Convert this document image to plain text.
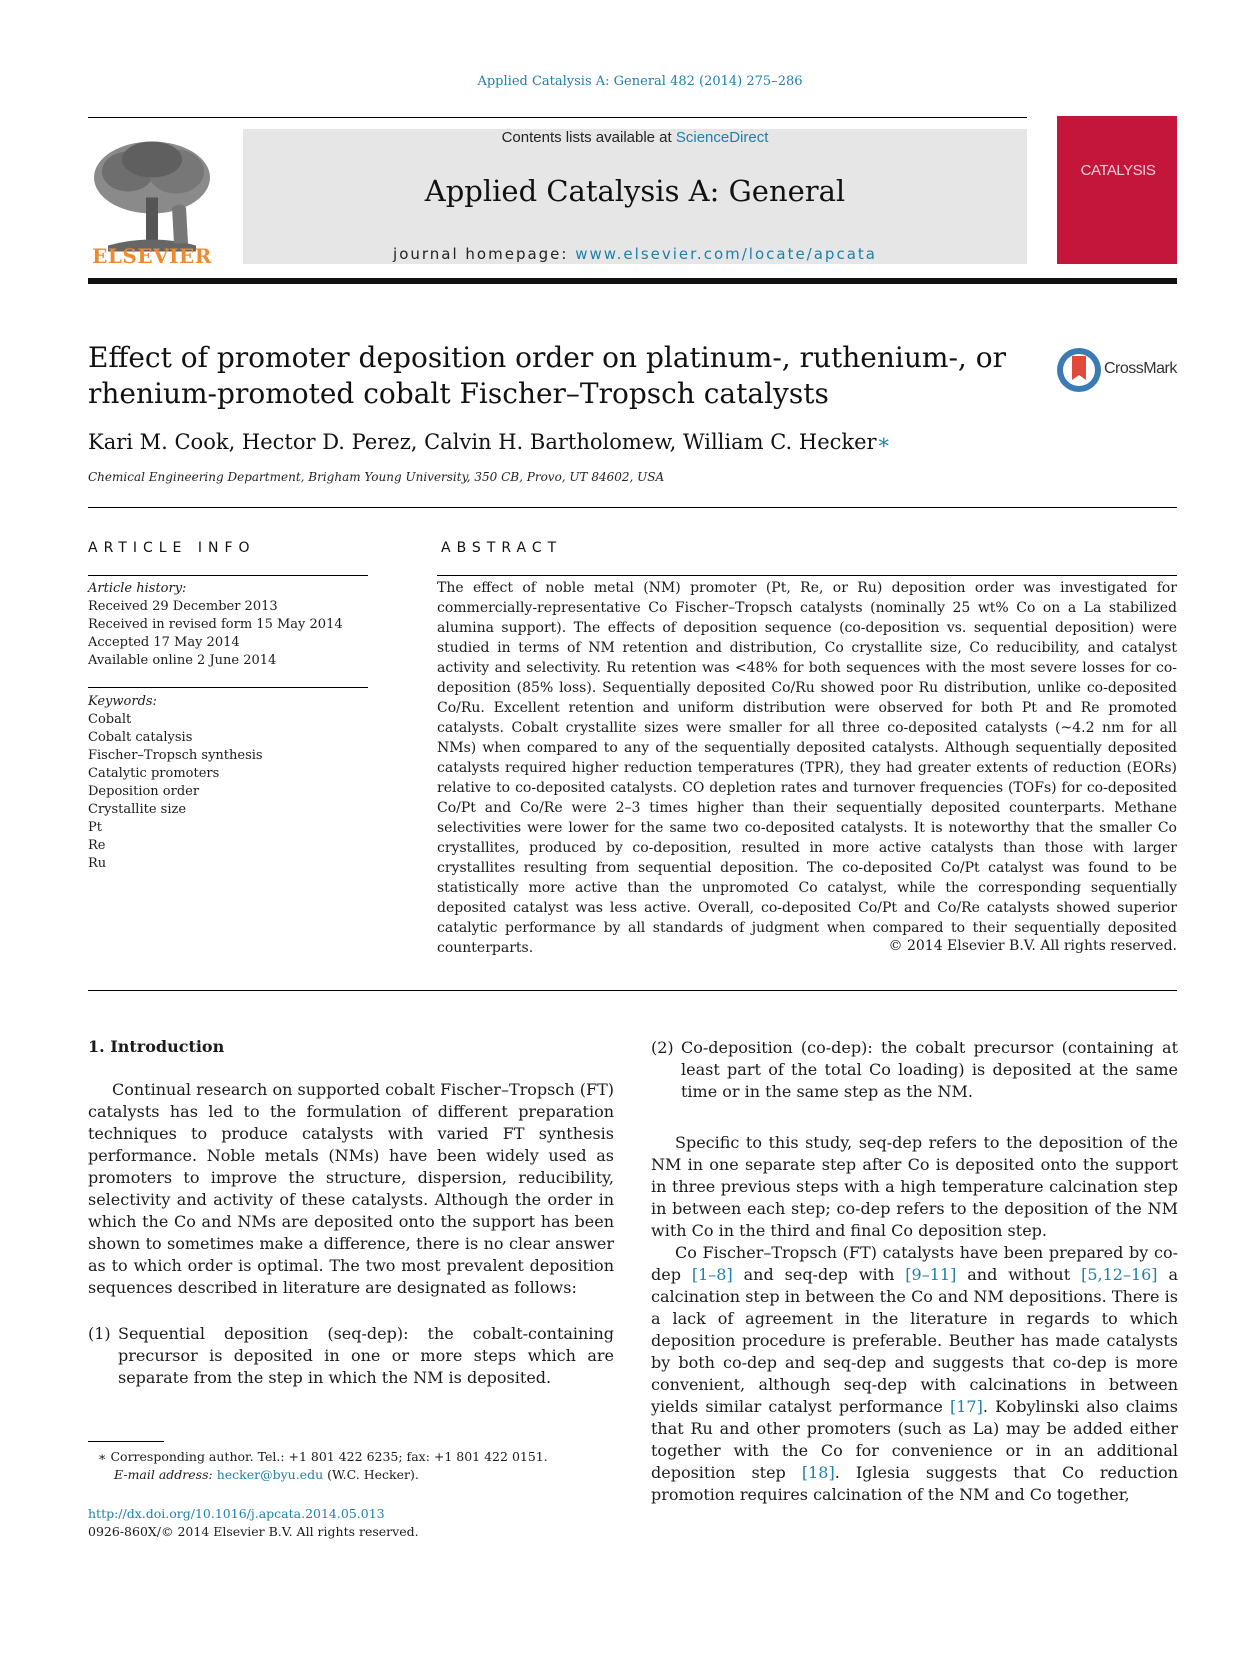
Applied Catalysis A: General 482 (2014) 275–286
ELSEVIER
Contents lists available at ScienceDirect
Applied Catalysis A: General
journal homepage: www.elsevier.com/locate/apcata
CATALYSIS
Effect of promoter deposition order on platinum-, ruthenium-, or
rhenium-promoted cobalt Fischer–Tropsch catalysts
CrossMark
Kari M. Cook, Hector D. Perez, Calvin H. Bartholomew, William C. Hecker∗
Chemical Engineering Department, Brigham Young University, 350 CB, Provo, UT 84602, USA
ARTICLE INFO	ABSTRACT
Article history:
Received 29 December 2013
Received in revised form 15 May 2014
Accepted 17 May 2014
Available online 2 June 2014
Keywords:
Cobalt
Cobalt catalysis
Fischer–Tropsch synthesis
Catalytic promoters
Deposition order
Crystallite size
Pt
Re
Ru
The effect of noble metal (NM) promoter (Pt, Re, or Ru) deposition order was investigated for commercially-representative Co Fischer–Tropsch catalysts (nominally 25 wt% Co on a La stabilized alumina support). The effects of deposition sequence (co-deposition vs. sequential deposition) were studied in terms of NM retention and distribution, Co crystallite size, Co reducibility, and catalyst activity and selectivity. Ru retention was <48% for both sequences with the most severe losses for co-deposition (85% loss). Sequentially deposited Co/Ru showed poor Ru distribution, unlike co-deposited Co/Ru. Excellent retention and uniform distribution were observed for both Pt and Re promoted catalysts. Cobalt crystallite sizes were smaller for all three co-deposited catalysts (~4.2 nm for all NMs) when compared to any of the sequentially deposited catalysts. Although sequentially deposited catalysts required higher reduction temperatures (TPR), they had greater extents of reduction (EORs) relative to co-deposited catalysts. CO depletion rates and turnover frequencies (TOFs) for co-deposited Co/Pt and Co/Re were 2–3 times higher than their sequentially deposited counterparts. Methane selectivities were lower for the same two co-deposited catalysts. It is noteworthy that the smaller Co crystallites, produced by co-deposition, resulted in more active catalysts than those with larger crystallites resulting from sequential deposition. The co-deposited Co/Pt catalyst was found to be statistically more active than the unpromoted Co catalyst, while the corresponding sequentially deposited catalyst was less active. Overall, co-deposited Co/Pt and Co/Re catalysts showed superior catalytic performance by all standards of judgment when compared to their sequentially deposited counterparts.	© 2014 Elsevier B.V. All rights reserved.
1. Introduction

Continual research on supported cobalt Fischer–Tropsch (FT) catalysts has led to the formulation of different preparation techniques to produce catalysts with varied FT synthesis performance. Noble metals (NMs) have been widely used as promoters to improve the structure, dispersion, reducibility, selectivity and activity of these catalysts. Although the order in which the Co and NMs are deposited onto the support has been shown to sometimes make a difference, there is no clear answer as to which order is optimal. The two most prevalent deposition sequences described in literature are designated as follows:

(1) Sequential deposition (seq-dep): the cobalt-containing precursor is deposited in one or more steps which are separate from the step in which the NM is deposited.
(2) Co-deposition (co-dep): the cobalt precursor (containing at least part of the total Co loading) is deposited at the same time or in the same step as the NM.

Specific to this study, seq-dep refers to the deposition of the NM in one separate step after Co is deposited onto the support in three previous steps with a high temperature calcination step in between each step; co-dep refers to the deposition of the NM with Co in the third and final Co deposition step.

Co Fischer–Tropsch (FT) catalysts have been prepared by co-dep [1–8] and seq-dep with [9–11] and without [5,12–16] a calcination step in between the Co and NM depositions. There is a lack of agreement in the literature in regards to which deposition procedure is preferable. Beuther has made catalysts by both co-dep and seq-dep and suggests that co-dep is more convenient, although seq-dep with calcinations in between yields similar catalyst performance [17]. Kobylinski also claims that Ru and other promoters (such as La) may be added either together with the Co for convenience or in an additional deposition step [18]. Iglesia suggests that Co reduction promotion requires calcination of the NM and Co together,

∗ Corresponding author. Tel.: +1 801 422 6235; fax: +1 801 422 0151.
E-mail address: hecker@byu.edu (W.C. Hecker).
http://dx.doi.org/10.1016/j.apcata.2014.05.013
0926-860X/© 2014 Elsevier B.V. All rights reserved.
